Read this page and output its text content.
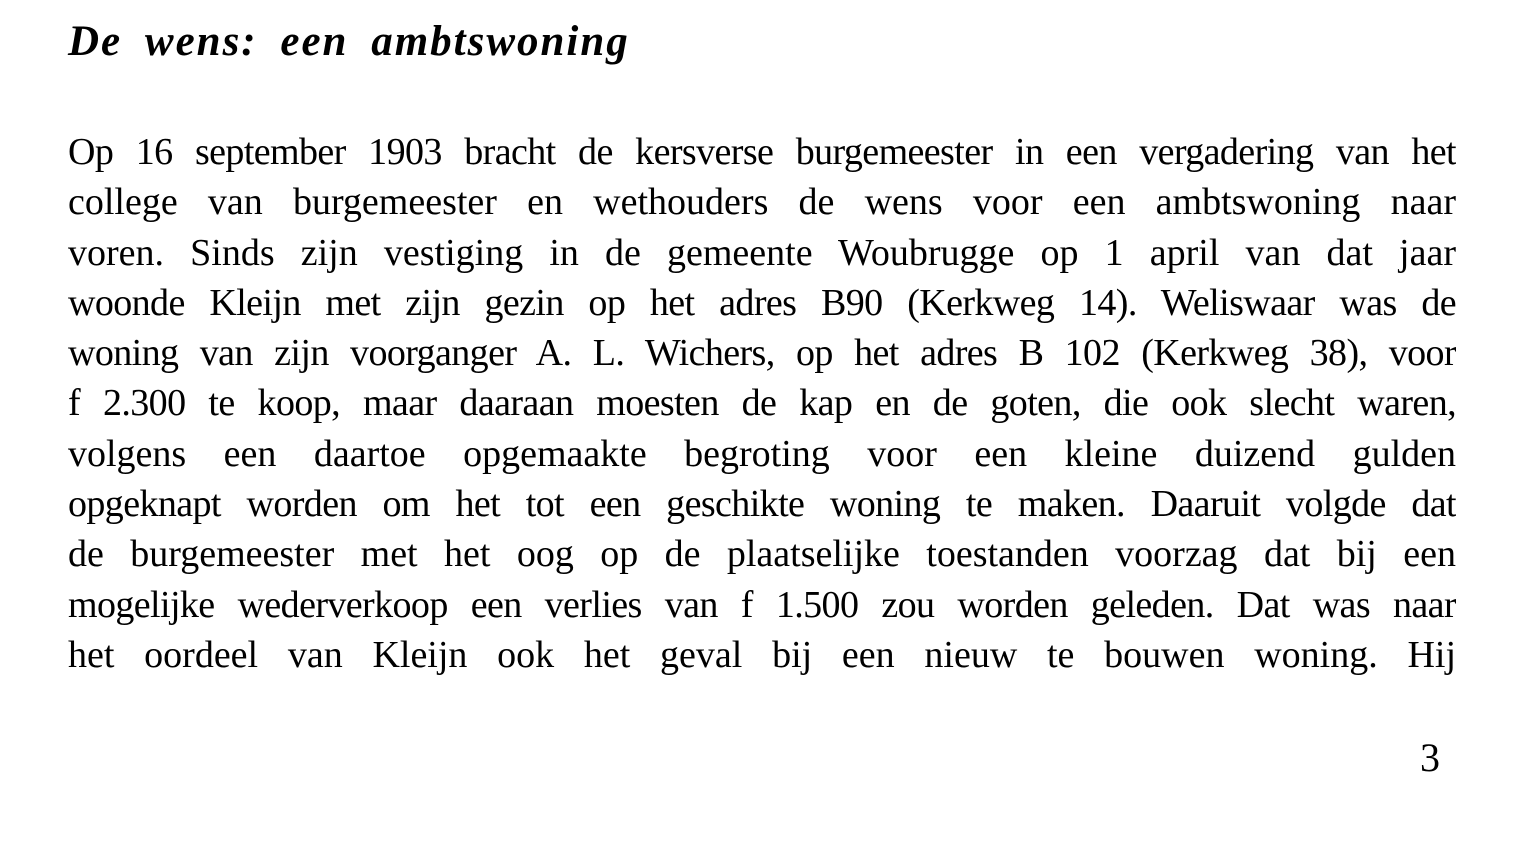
De wens: een ambtswoning
Op 16 september 1903 bracht de kersverse burgemeester in een vergadering van het
college van burgemeester en wethouders de wens voor een ambtswoning naar
voren. Sinds zijn vestiging in de gemeente Woubrugge op 1 april van dat jaar
woonde Kleijn met zijn gezin op het adres B90 (Kerkweg 14). Weliswaar was de
woning van zijn voorganger A. L. Wichers, op het adres B 102 (Kerkweg 38), voor
f 2.300 te koop, maar daaraan moesten de kap en de goten, die ook slecht waren,
volgens een daartoe opgemaakte begroting voor een kleine duizend gulden
opgeknapt worden om het tot een geschikte woning te maken. Daaruit volgde dat
de burgemeester met het oog op de plaatselijke toestanden voorzag dat bij een
mogelijke wederverkoop een verlies van f 1.500 zou worden geleden. Dat was naar
het oordeel van Kleijn ook het geval bij een nieuw te bouwen woning. Hij
3
